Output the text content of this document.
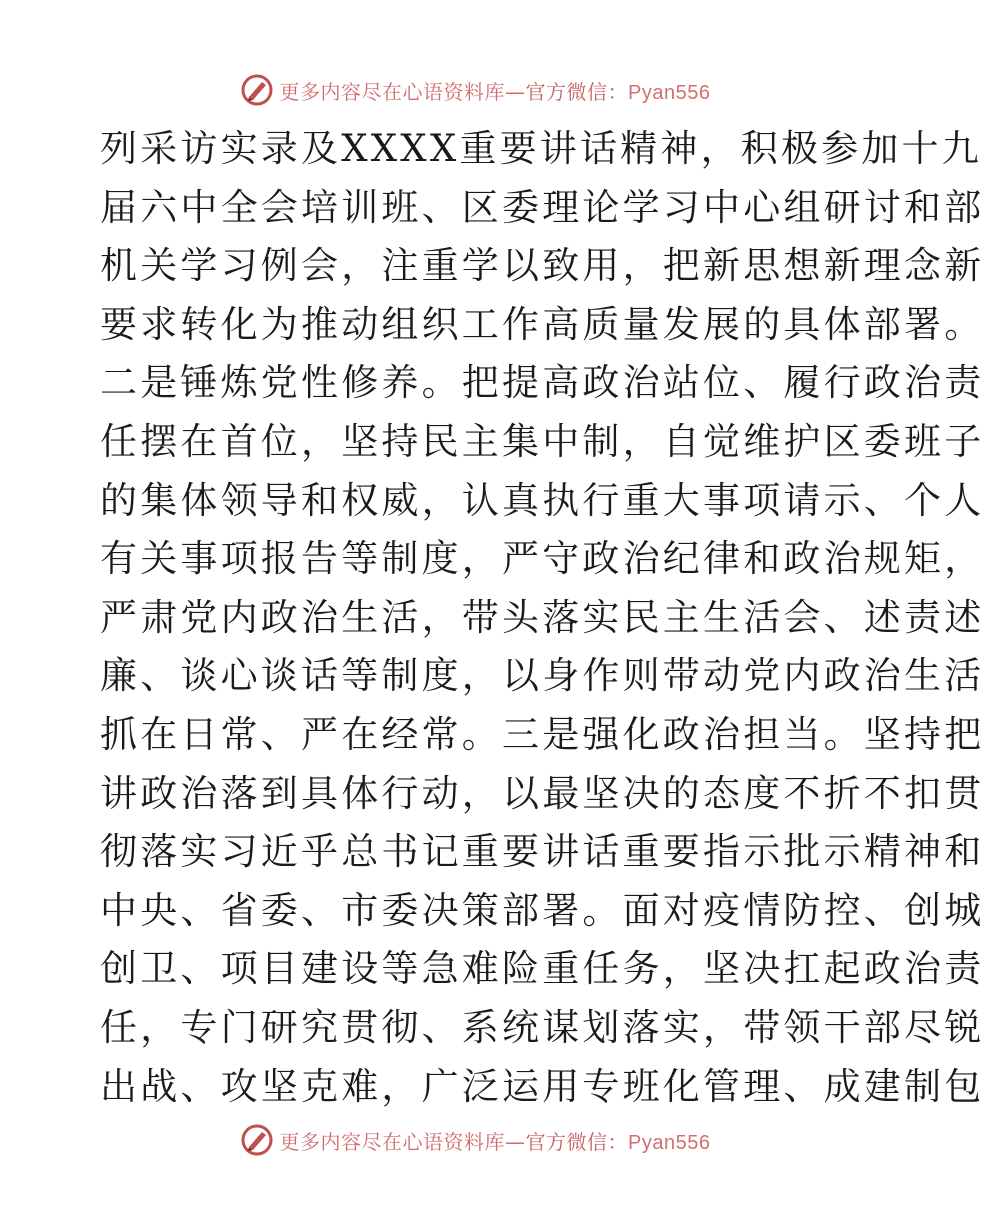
更多内容尽在心语资料库—官方微信：Pyan556
列采访实录及XXXX重要讲话精神，积极参加十九
届六中全会培训班、区委理论学习中心组研讨和部
机关学习例会，注重学以致用，把新思想新理念新
要求转化为推动组织工作高质量发展的具体部署。
二是锤炼党性修养。把提高政治站位、履行政治责
任摆在首位，坚持民主集中制，自觉维护区委班子
的集体领导和权威，认真执行重大事项请示、个人
有关事项报告等制度，严守政治纪律和政治规矩，
严肃党内政治生活，带头落实民主生活会、述责述
廉、谈心谈话等制度，以身作则带动党内政治生活
抓在日常、严在经常。三是强化政治担当。坚持把
讲政治落到具体行动，以最坚决的态度不折不扣贯
彻落实习近乎总书记重要讲话重要指示批示精神和
中央、省委、市委决策部署。面对疫情防控、创城
创卫、项目建设等急难险重任务，坚决扛起政治责
任，专门研究贯彻、系统谋划落实，带领干部尽锐
出战、攻坚克难，广泛运用专班化管理、成建制包
更多内容尽在心语资料库—官方微信：Pyan556
